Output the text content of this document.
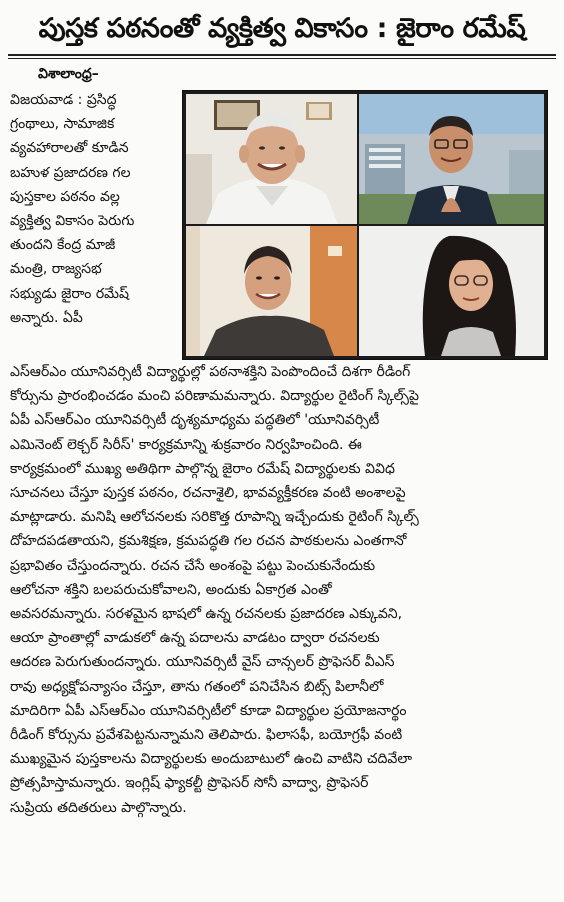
పుస్తక పఠనంతో వ్యక్తిత్వ వికాసం : జైరాం రమేష్
విశాలాంధ్ర–
విజయవాడ : ప్రసిద్ధ
గ్రంథాలు, సామాజిక
వ్యవహారాలతో కూడిన
బహుళ ప్రజాదరణ గల
పుస్తకాల పఠనం వల్ల
వ్యక్తిత్వ వికాసం పెరుగు
తుందని కేంద్ర మాజీ
మంత్రి, రాజ్యసభ
సభ్యుడు జైరాం రమేష్
అన్నారు. ఏపీ
ఎస్ఆర్ఎం యూనివర్సిటీ విద్యార్థుల్లో పఠనాశక్తిని పెంపొందించే దిశగా రీడింగ్
కోర్సును ప్రారంభించడం మంచి పరిణామమన్నారు. విద్యార్థుల రైటింగ్ స్కిల్స్‌పై
ఏపీ ఎస్ఆర్ఎం యూనివర్సిటీ దృశ్యమాధ్యమ పద్ధతిలో 'యూనివర్సిటీ
ఎమినెంట్ లెక్చర్ సిరీస్' కార్యక్రమాన్ని శుక్రవారం నిర్వహించింది. ఈ
కార్యక్రమంలో ముఖ్య అతిథిగా పాల్గొన్న జైరాం రమేష్ విద్యార్థులకు వివిధ
సూచనలు చేస్తూ పుస్తక పఠనం, రచనాశైలి, భావవ్యక్తీకరణ వంటి అంశాలపై
మాట్లాడారు. మనిషి ఆలోచనలకు సరికొత్త రూపాన్ని ఇచ్చేందుకు రైటింగ్ స్కిల్స్
దోహదపడతాయని, క్రమశిక్షణ, క్రమపద్ధతి గల రచన పాఠకులను ఎంతగానో
ప్రభావితం చేస్తుందన్నారు. రచన చేసే అంశంపై పట్టు పెంచుకునేందుకు
ఆలోచనా శక్తిని బలపరుచుకోవాలని, అందుకు ఏకాగ్రత ఎంతో
అవసరమన్నారు. సరళమైన భాషలో ఉన్న రచనలకు ప్రజాదరణ ఎక్కువని,
ఆయా ప్రాంతాల్లో వాడుకలో ఉన్న పదాలను వాడటం ద్వారా రచనలకు
ఆదరణ పెరుగుతుందన్నారు. యూనివర్సిటీ వైస్ చాన్సలర్ ప్రొఫెసర్ వీఎస్
రావు అధ్యక్షోపన్యాసం చేస్తూ, తాను గతంలో పనిచేసిన బిట్స్ పిలానీలో
మాదిరిగా ఏపీ ఎస్ఆర్ఎం యూనివర్సిటీలో కూడా విద్యార్థుల ప్రయోజనార్థం
రీడింగ్ కోర్సును ప్రవేశపెట్టనున్నామని తెలిపారు. ఫిలాసఫీ, బయోగ్రఫీ వంటి
ముఖ్యమైన పుస్తకాలను విద్యార్థులకు అందుబాటులో ఉంచి వాటిని చదివేలా
ప్రోత్సహిస్తామన్నారు. ఇంగ్లిష్ ఫ్యాకల్టీ ప్రొఫెసర్ సోనీ వాద్వా, ప్రొఫెసర్
సుప్రియ తదితరులు పాల్గొన్నారు.
